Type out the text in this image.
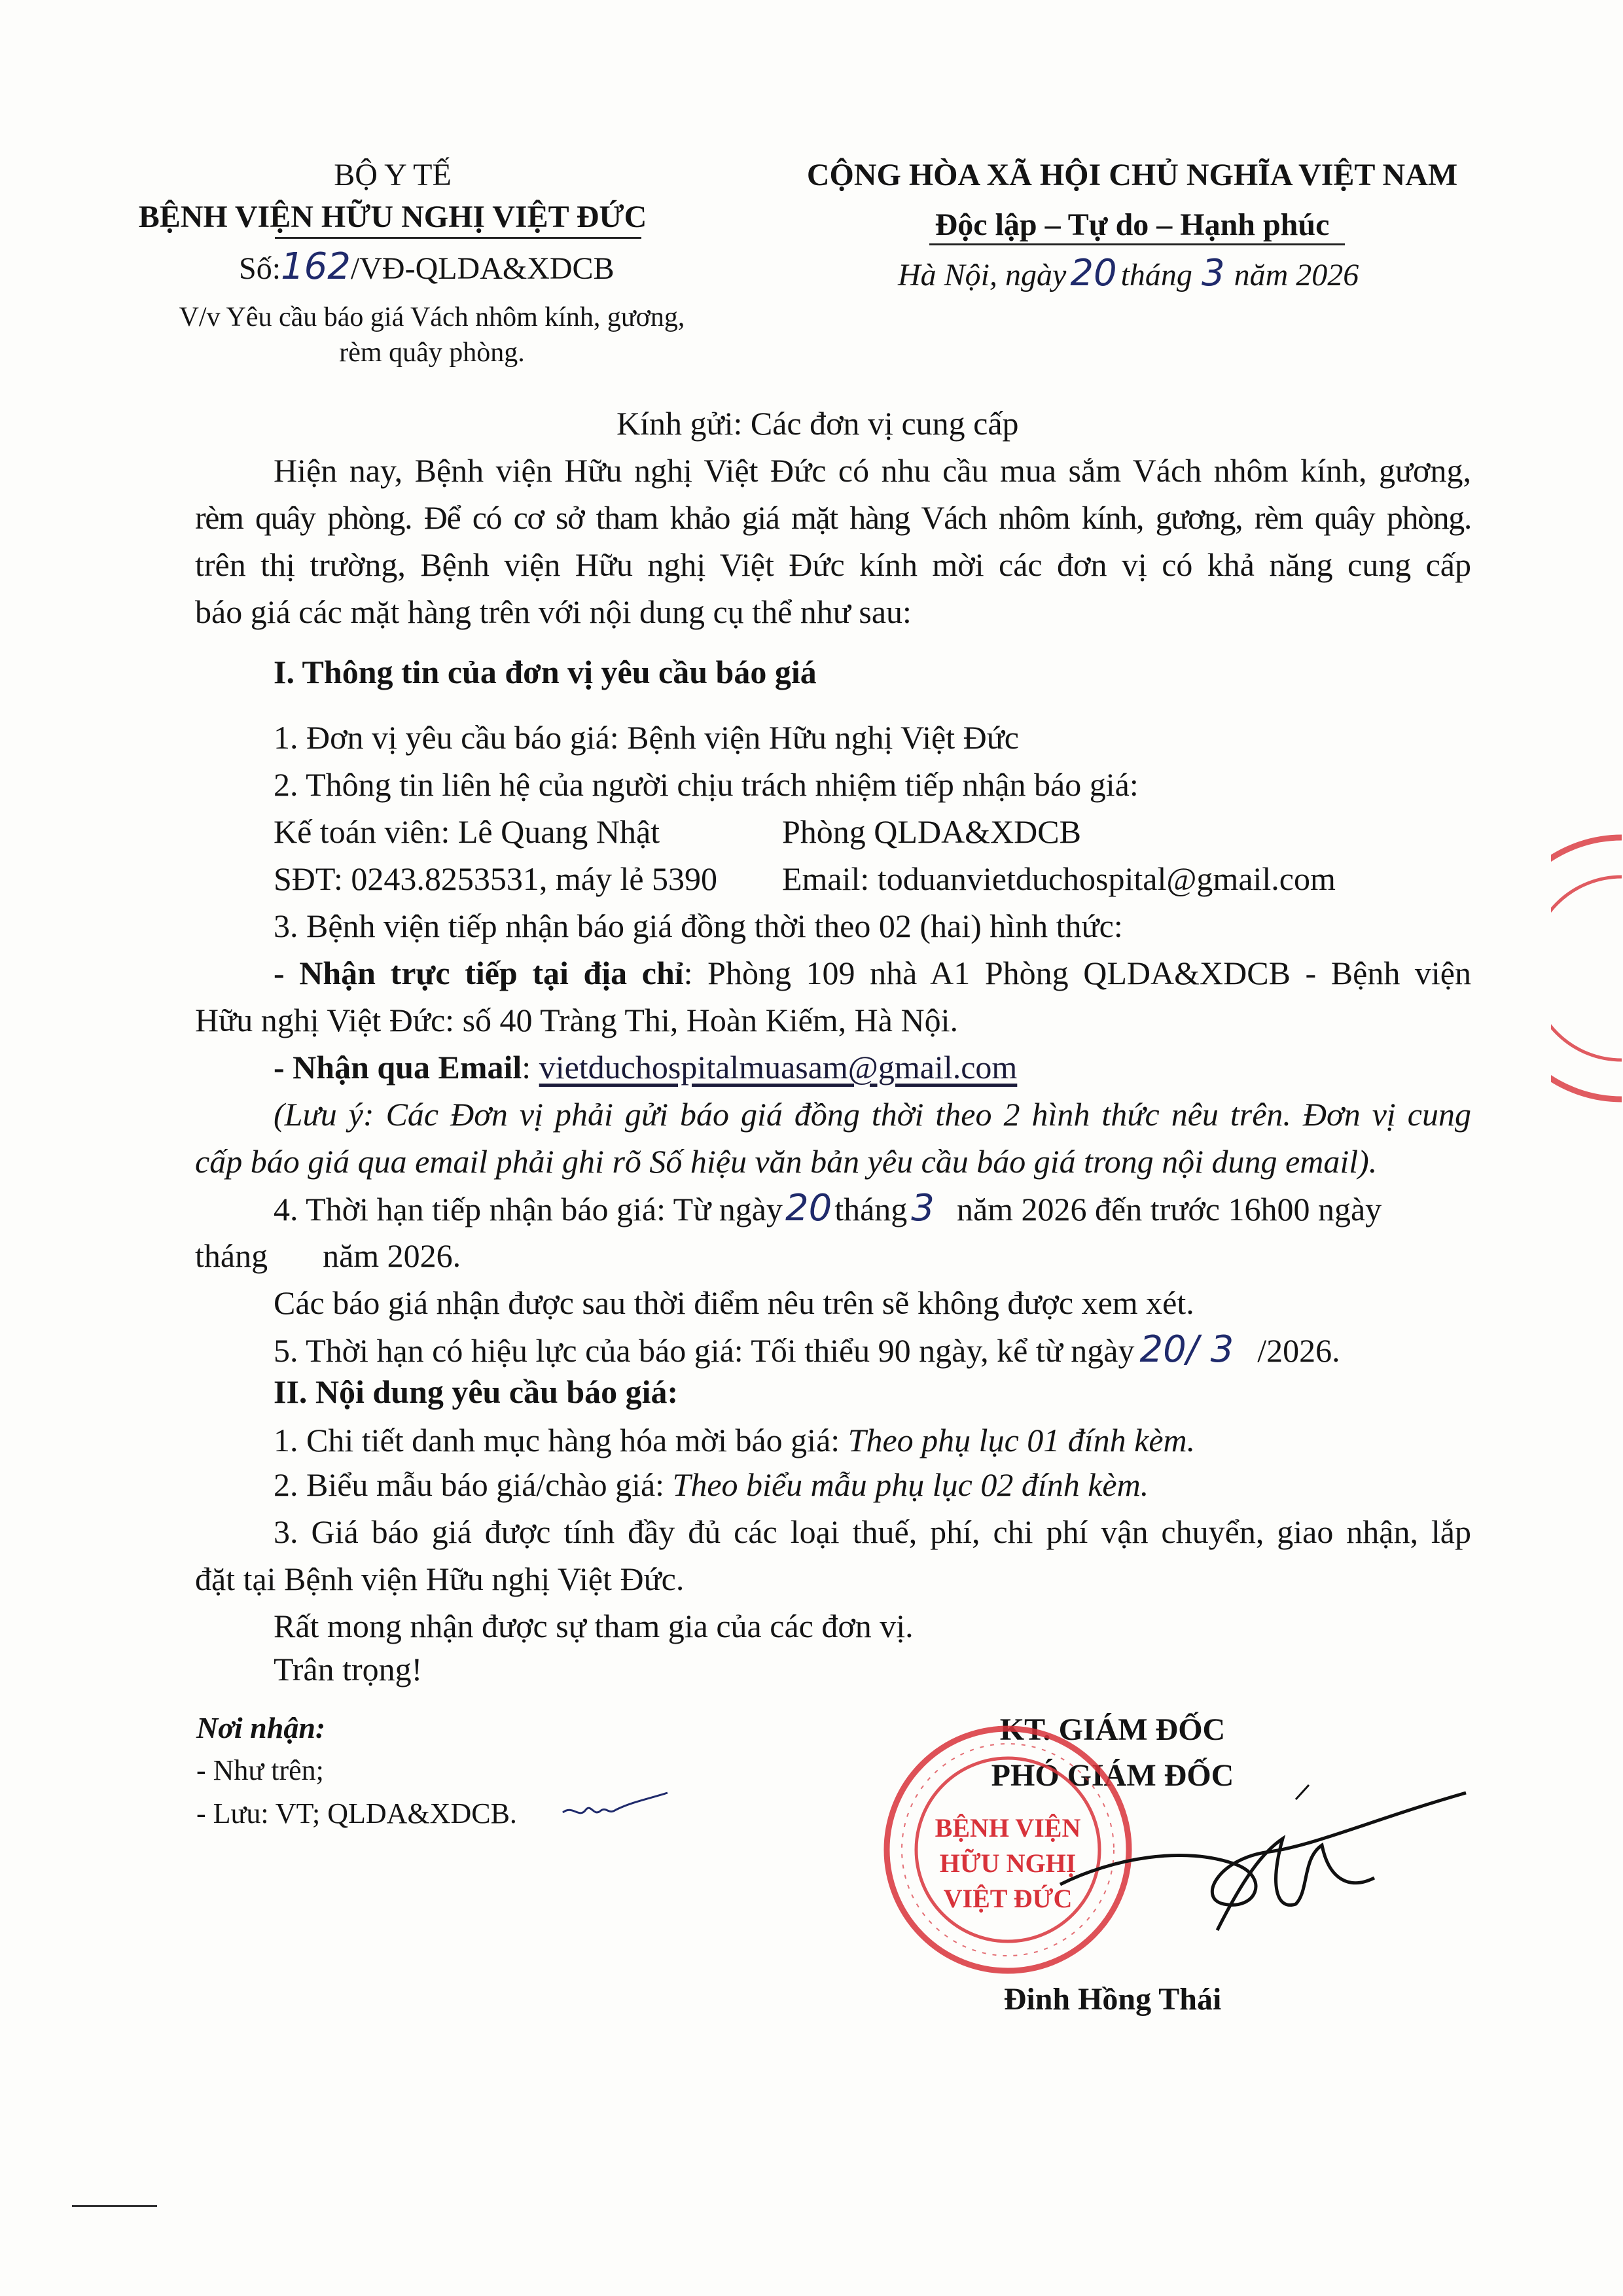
BỘ Y TẾ
BỆNH VIỆN HỮU NGHỊ VIỆT ĐỨC
Số:162/VĐ-QLDA&XDCB
V/v Yêu cầu báo giá Vách nhôm kính, gương,
rèm quây phòng.
CỘNG HÒA XÃ HỘI CHỦ NGHĨA VIỆT NAM
Độc lập – Tự do – Hạnh phúc
Hà Nội, ngày 20 tháng 3 năm 2026
Kính gửi: Các đơn vị cung cấp
Hiện nay, Bệnh viện Hữu nghị Việt Đức có nhu cầu mua sắm Vách nhôm kính, gương,
rèm quây phòng. Để có cơ sở tham khảo giá mặt hàng Vách nhôm kính, gương, rèm quây phòng.
trên thị trường, Bệnh viện Hữu nghị Việt Đức kính mời các đơn vị có khả năng cung cấp
báo giá các mặt hàng trên với nội dung cụ thể như sau:
I. Thông tin của đơn vị yêu cầu báo giá
1. Đơn vị yêu cầu báo giá: Bệnh viện Hữu nghị Việt Đức
2. Thông tin liên hệ của người chịu trách nhiệm tiếp nhận báo giá:
Kế toán viên: Lê Quang Nhật	Phòng QLDA&XDCB
SĐT: 0243.8253531, máy lẻ 5390 Email: toduanvietduchospital@gmail.com
3. Bệnh viện tiếp nhận báo giá đồng thời theo 02 (hai) hình thức:
- Nhận trực tiếp tại địa chỉ: Phòng 109 nhà A1 Phòng QLDA&XDCB - Bệnh viện
Hữu nghị Việt Đức: số 40 Tràng Thi, Hoàn Kiếm, Hà Nội.
- Nhận qua Email: vietduchospitalmuasam@gmail.com
(Lưu ý: Các Đơn vị phải gửi báo giá đồng thời theo 2 hình thức nêu trên. Đơn vị cung
cấp báo giá qua email phải ghi rõ Số hiệu văn bản yêu cầu báo giá trong nội dung email).
4. Thời hạn tiếp nhận báo giá: Từ ngày20tháng 3 năm 2026 đến trước 16h00 ngày
tháng năm 2026.
Các báo giá nhận được sau thời điểm nêu trên sẽ không được xem xét.
5. Thời hạn có hiệu lực của báo giá: Tối thiểu 90 ngày, kể từ ngày 20/ 3 /2026.
II. Nội dung yêu cầu báo giá:
1. Chi tiết danh mục hàng hóa mời báo giá: Theo phụ lục 01 đính kèm.
2. Biểu mẫu báo giá/chào giá: Theo biểu mẫu phụ lục 02 đính kèm.
3. Giá báo giá được tính đầy đủ các loại thuế, phí, chi phí vận chuyển, giao nhận, lắp
đặt tại Bệnh viện Hữu nghị Việt Đức.
Rất mong nhận được sự tham gia của các đơn vị.
Trân trọng!
Nơi nhận:
- Như trên;
- Lưu: VT; QLDA&XDCB.
KT. GIÁM ĐỐC
PHÓ GIÁM ĐỐC
BỆNH VIỆN
HỮU NGHỊ
VIỆT ĐỨC
Đinh Hồng Thái
